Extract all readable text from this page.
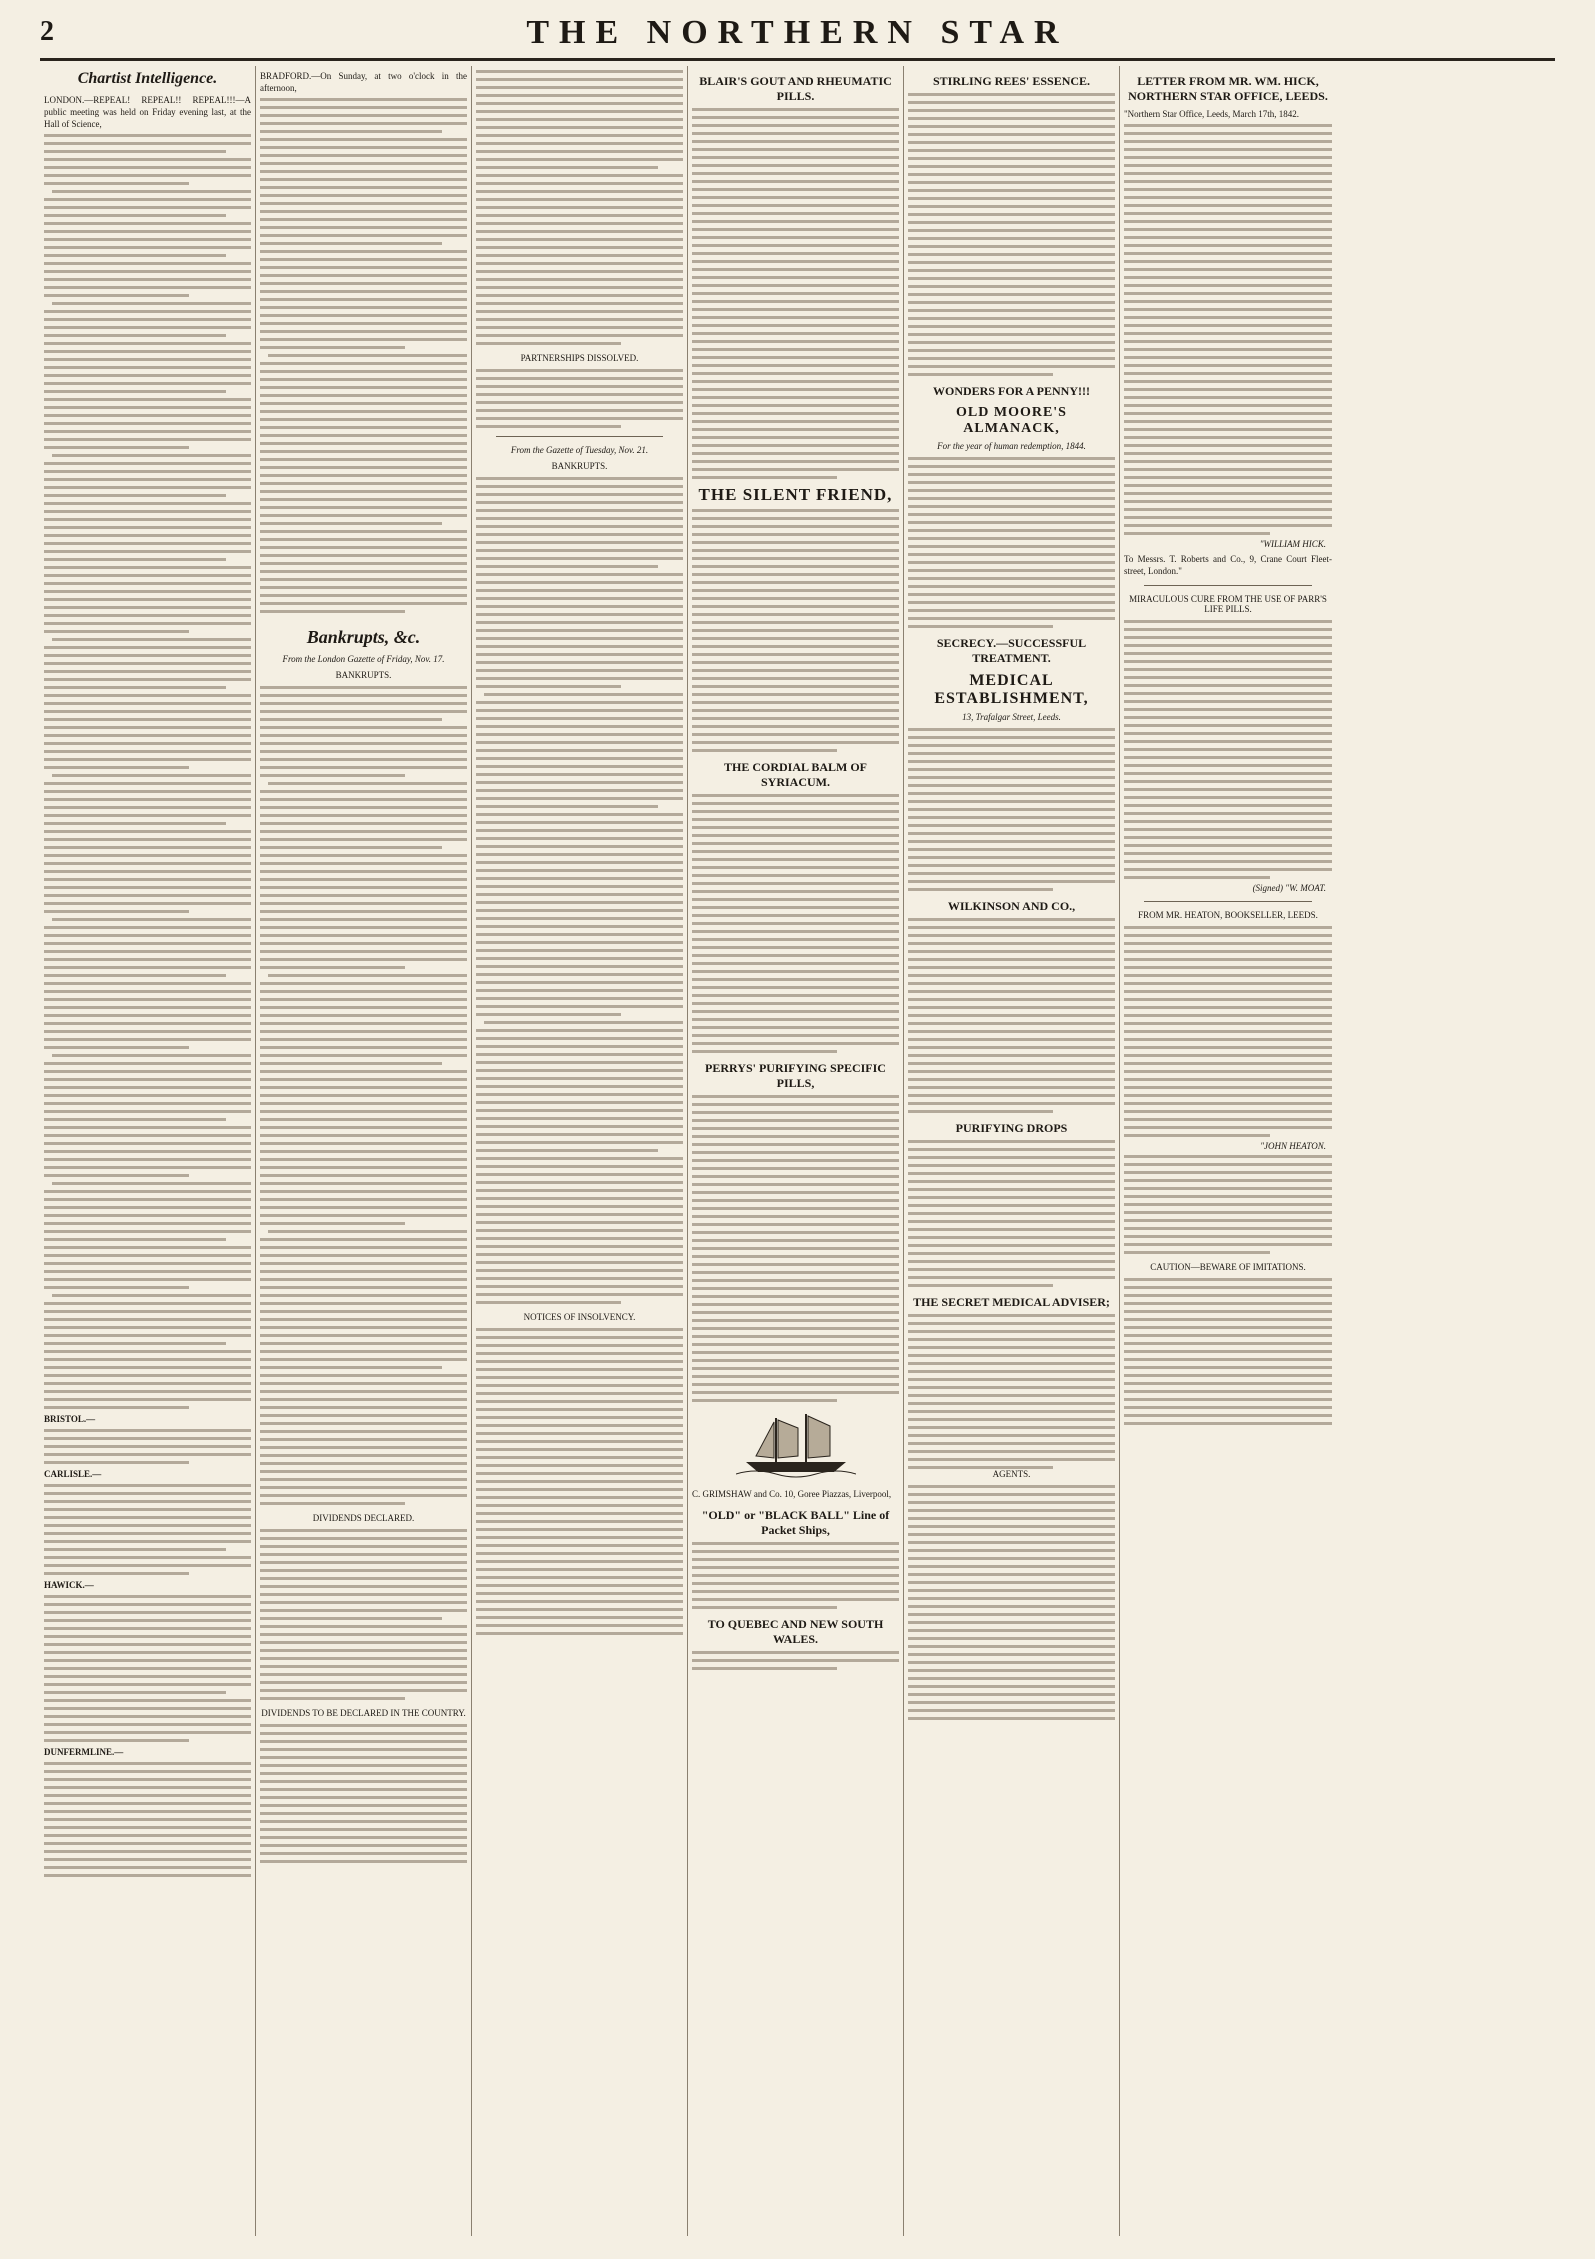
2	THE NORTHERN STAR
Chartist Intelligence.
LONDON.—REPEAL! REPEAL!! REPEAL!!!—A public meeting was held on Friday evening last, at the Hall of Science,
BRISTOL.—
CARLISLE.—
HAWICK.—
DUNFERMLINE.—
BRADFORD.—On Sunday, at two o'clock in the afternoon,
Bankrupts, &c.
From the London Gazette of Friday, Nov. 17.
BANKRUPTS.
DIVIDENDS DECLARED.
DIVIDENDS TO BE DECLARED IN THE COUNTRY.
PARTNERSHIPS DISSOLVED.
From the Gazette of Tuesday, Nov. 21.
BANKRUPTS.
NOTICES OF INSOLVENCY.
BLAIR'S GOUT AND RHEUMATIC PILLS.
THE SILENT FRIEND,
THE CORDIAL BALM OF SYRIACUM.
PERRYS' PURIFYING SPECIFIC PILLS,
C. GRIMSHAW and Co. 10, Goree Piazzas, Liverpool,
"OLD" or "BLACK BALL" Line of Packet Ships,
TO QUEBEC AND NEW SOUTH WALES.
STIRLING REES' ESSENCE.
WONDERS FOR A PENNY!!!
OLD MOORE'S ALMANACK,
For the year of human redemption, 1844.
SECRECY.—SUCCESSFUL TREATMENT.
MEDICAL ESTABLISHMENT,
13, Trafalgar Street, Leeds.
WILKINSON AND CO.,
PURIFYING DROPS
THE SECRET MEDICAL ADVISER;
AGENTS.
LETTER FROM MR. WM. HICK, NORTHERN STAR OFFICE, LEEDS.
"Northern Star Office, Leeds, March 17th, 1842.
"WILLIAM HICK.
To Messrs. T. Roberts and Co., 9, Crane Court Fleet-street, London."
MIRACULOUS CURE FROM THE USE OF PARR'S LIFE PILLS.
(Signed) "W. MOAT.
FROM MR. HEATON, BOOKSELLER, LEEDS.
"JOHN HEATON.
CAUTION—BEWARE OF IMITATIONS.
